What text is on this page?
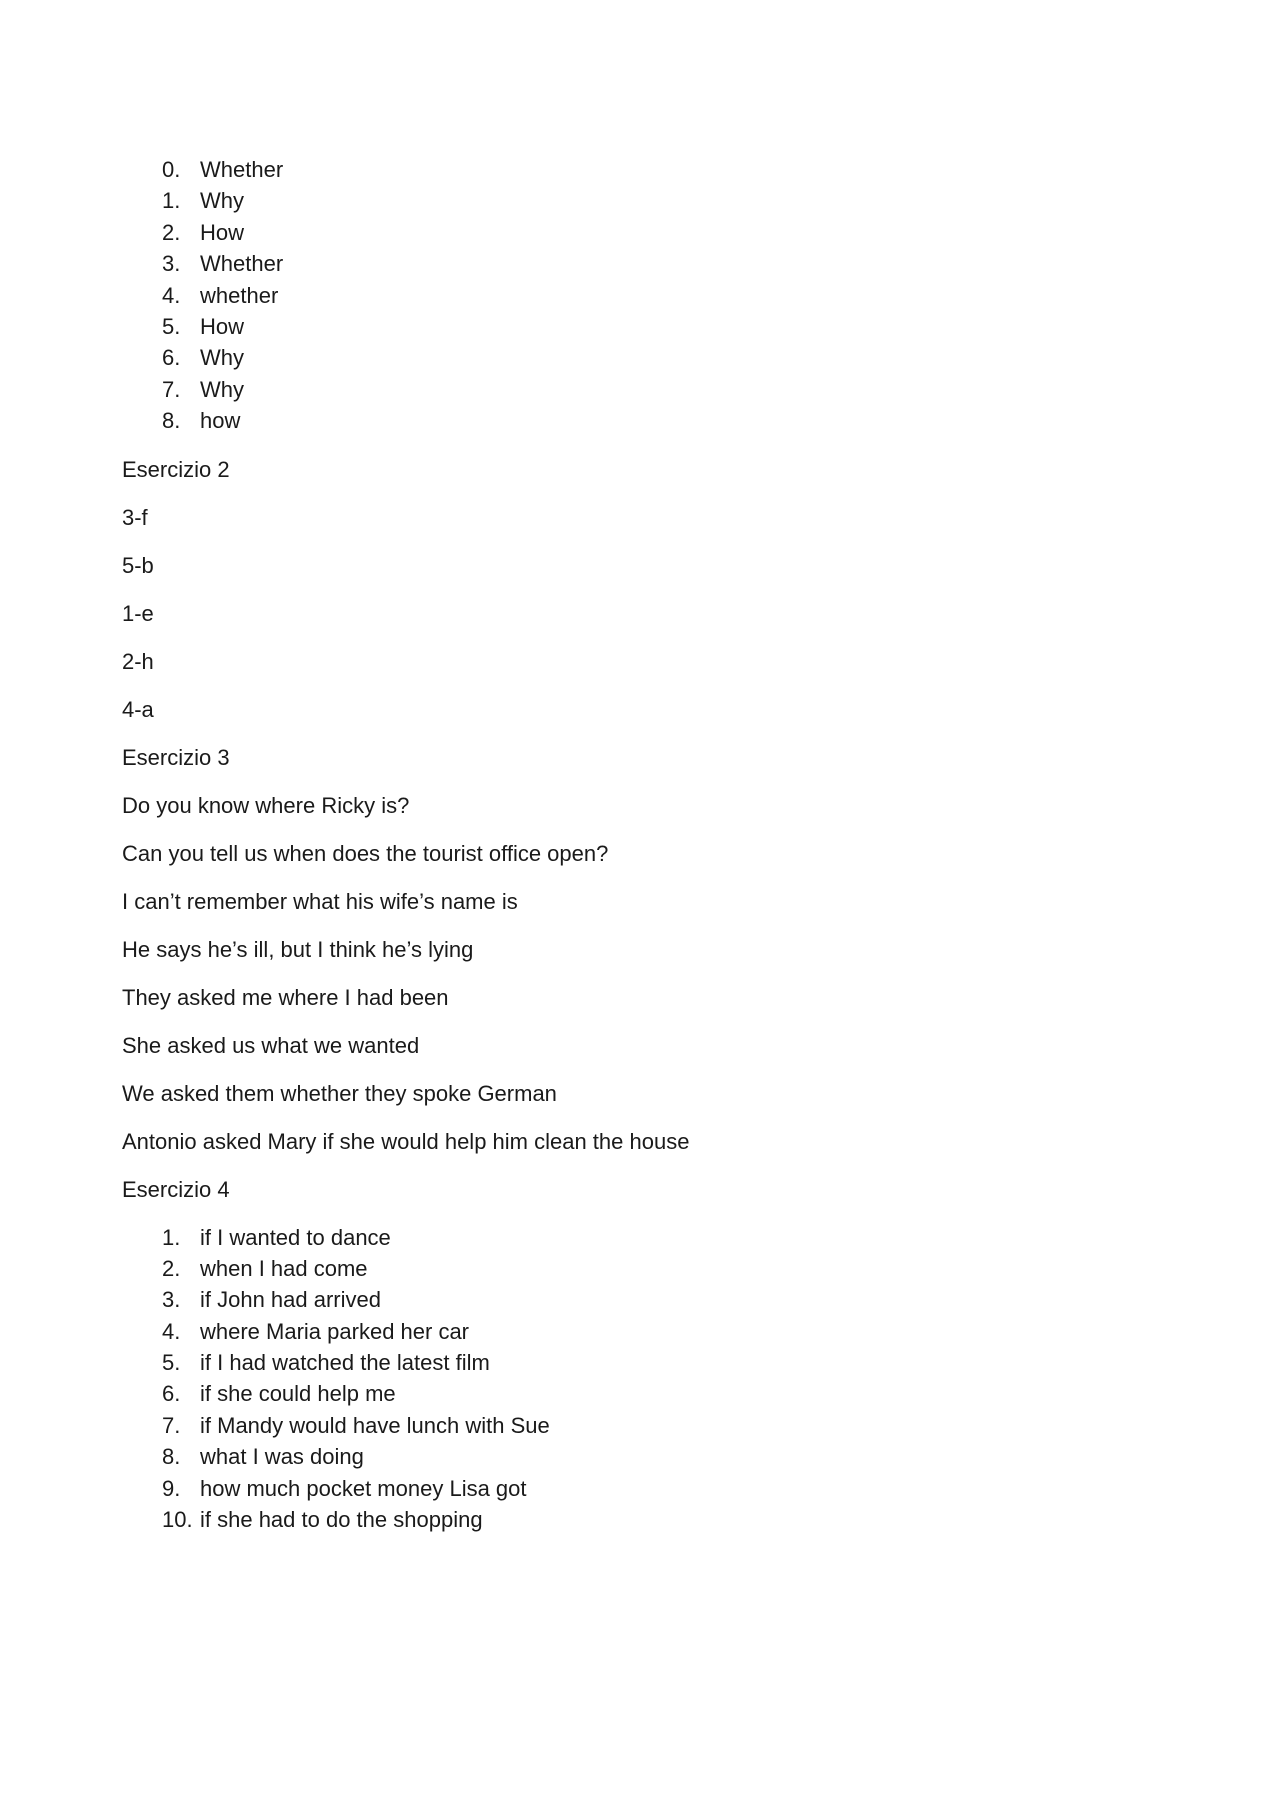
0. Whether
1. Why
2. How
3. Whether
4. whether
5. How
6. Why
7. Why
8. how

Esercizio 2

3-f

5-b

1-e

2-h

4-a

Esercizio 3

Do you know where Ricky is?

Can you tell us when does the tourist office open?

I can’t remember what his wife’s name is

He says he’s ill, but I think he’s lying

They asked me where I had been

She asked us what we wanted

We asked them whether they spoke German

Antonio asked Mary if she would help him clean the house

Esercizio 4

1. if I wanted to dance
2. when I had come
3. if John had arrived
4. where Maria parked her car
5. if I had watched the latest film
6. if she could help me
7. if Mandy would have lunch with Sue
8. what I was doing
9. how much pocket money Lisa got
10. if she had to do the shopping
